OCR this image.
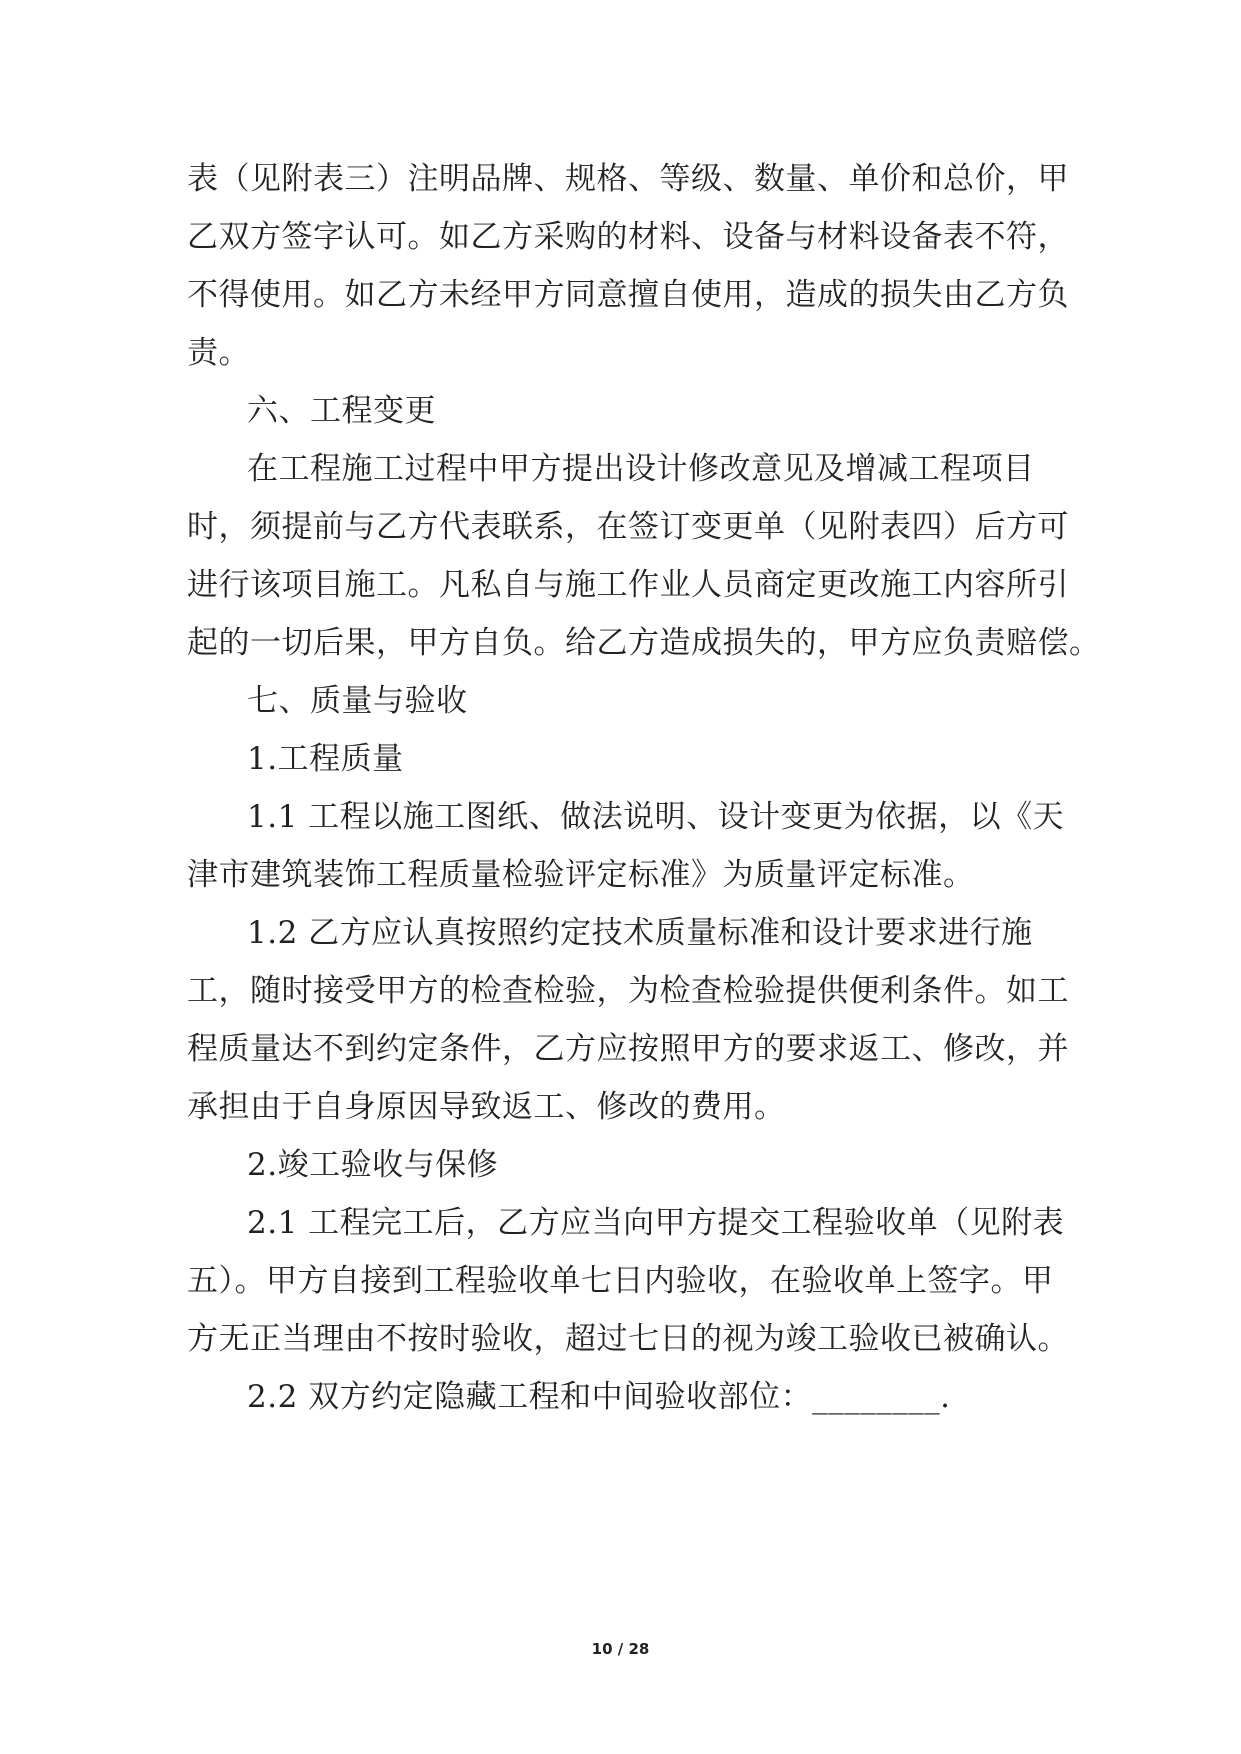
表（见附表三）注明品牌、规格、等级、数量、单价和总价，甲
乙双方签字认可。如乙方采购的材料、设备与材料设备表不符，
不得使用。如乙方未经甲方同意擅自使用，造成的损失由乙方负
责。
六、工程变更
在工程施工过程中甲方提出设计修改意见及增减工程项目
时，须提前与乙方代表联系，在签订变更单（见附表四）后方可
进行该项目施工。凡私自与施工作业人员商定更改施工内容所引
起的一切后果，甲方自负。给乙方造成损失的，甲方应负责赔偿。
七、质量与验收
1.工程质量
1.1 工程以施工图纸、做法说明、设计变更为依据，以《天
津市建筑装饰工程质量检验评定标准》为质量评定标准。
1.2 乙方应认真按照约定技术质量标准和设计要求进行施
工，随时接受甲方的检查检验，为检查检验提供便利条件。如工
程质量达不到约定条件，乙方应按照甲方的要求返工、修改，并
承担由于自身原因导致返工、修改的费用。
2.竣工验收与保修
2.1 工程完工后，乙方应当向甲方提交工程验收单（见附表
五）。甲方自接到工程验收单七日内验收，在验收单上签字。甲
方无正当理由不按时验收，超过七日的视为竣工验收已被确认。
2.2 双方约定隐藏工程和中间验收部位：________.
10 / 28
